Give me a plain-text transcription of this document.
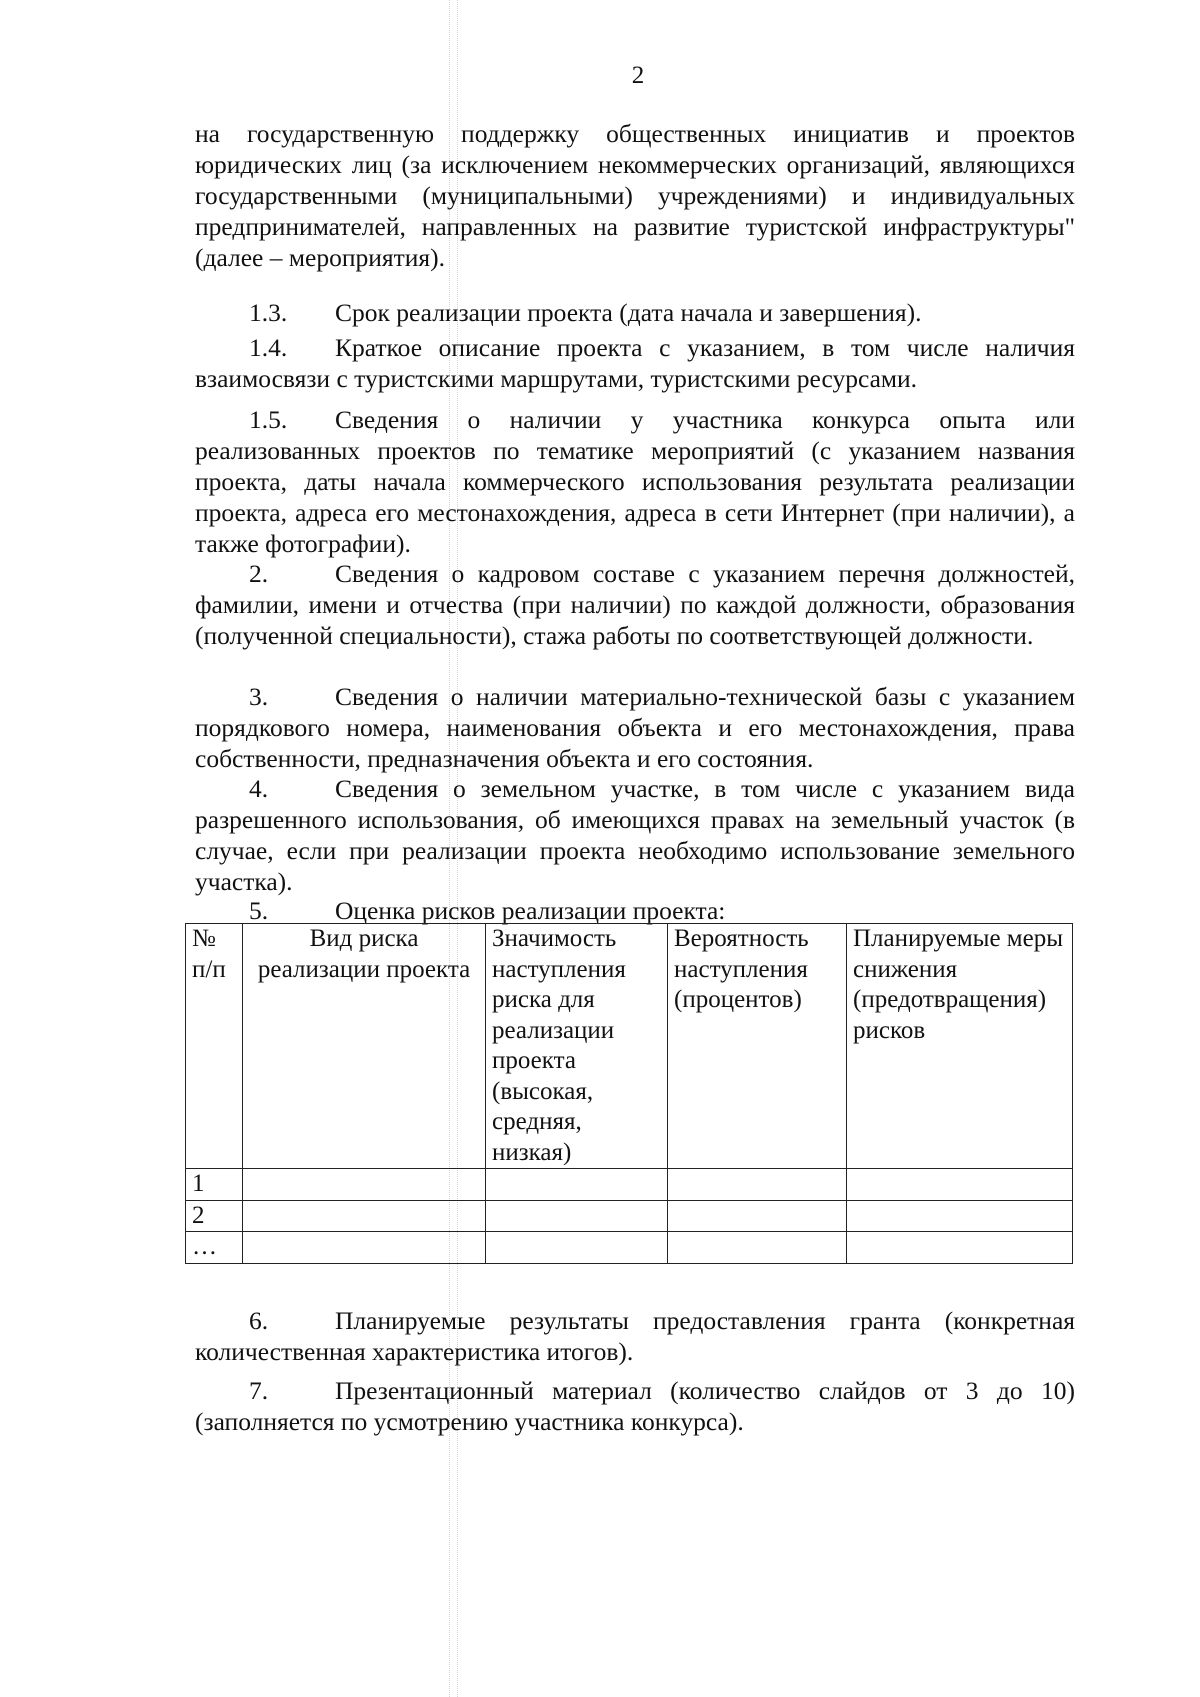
2

на государственную поддержку общественных инициатив и проектов юридических лиц (за исключением некоммерческих организаций, являющихся государственными (муниципальными) учреждениями) и индивидуальных предпринимателей, направленных на развитие туристской инфраструктуры" (далее – мероприятия).

1.3. Срок реализации проекта (дата начала и завершения).

1.4. Краткое описание проекта с указанием, в том числе наличия взаимосвязи с туристскими маршрутами, туристскими ресурсами.

1.5. Сведения о наличии у участника конкурса опыта или реализованных проектов по тематике мероприятий (с указанием названия проекта, даты начала коммерческого использования результата реализации проекта, адреса его местонахождения, адреса в сети Интернет (при наличии), а также фотографии).

2.	Сведения о кадровом составе с указанием перечня должностей, фамилии, имени и отчества (при наличии) по каждой должности, образования (полученной специальности), стажа работы по соответствующей должности.

3.	Сведения о наличии материально-технической базы с указанием порядкового номера, наименования объекта и его местонахождения, права собственности, предназначения объекта и его состояния.

4.	Сведения о земельном участке, в том числе с указанием вида разрешенного использования, об имеющихся правах на земельный участок (в случае, если при реализации проекта необходимо использование земельного участка).

5.	Оценка рисков реализации проекта:

№ п/п	Вид риска реализации проекта	Значимость наступления риска для реализации проекта (высокая, средняя, низкая)	Вероятность наступления (процентов)	Планируемые меры снижения (предотвращения) рисков
1				
2				
…				

6.	Планируемые результаты предоставления гранта (конкретная количественная характеристика итогов).

7.	Презентационный материал (количество слайдов от 3 до 10) (заполняется по усмотрению участника конкурса).
